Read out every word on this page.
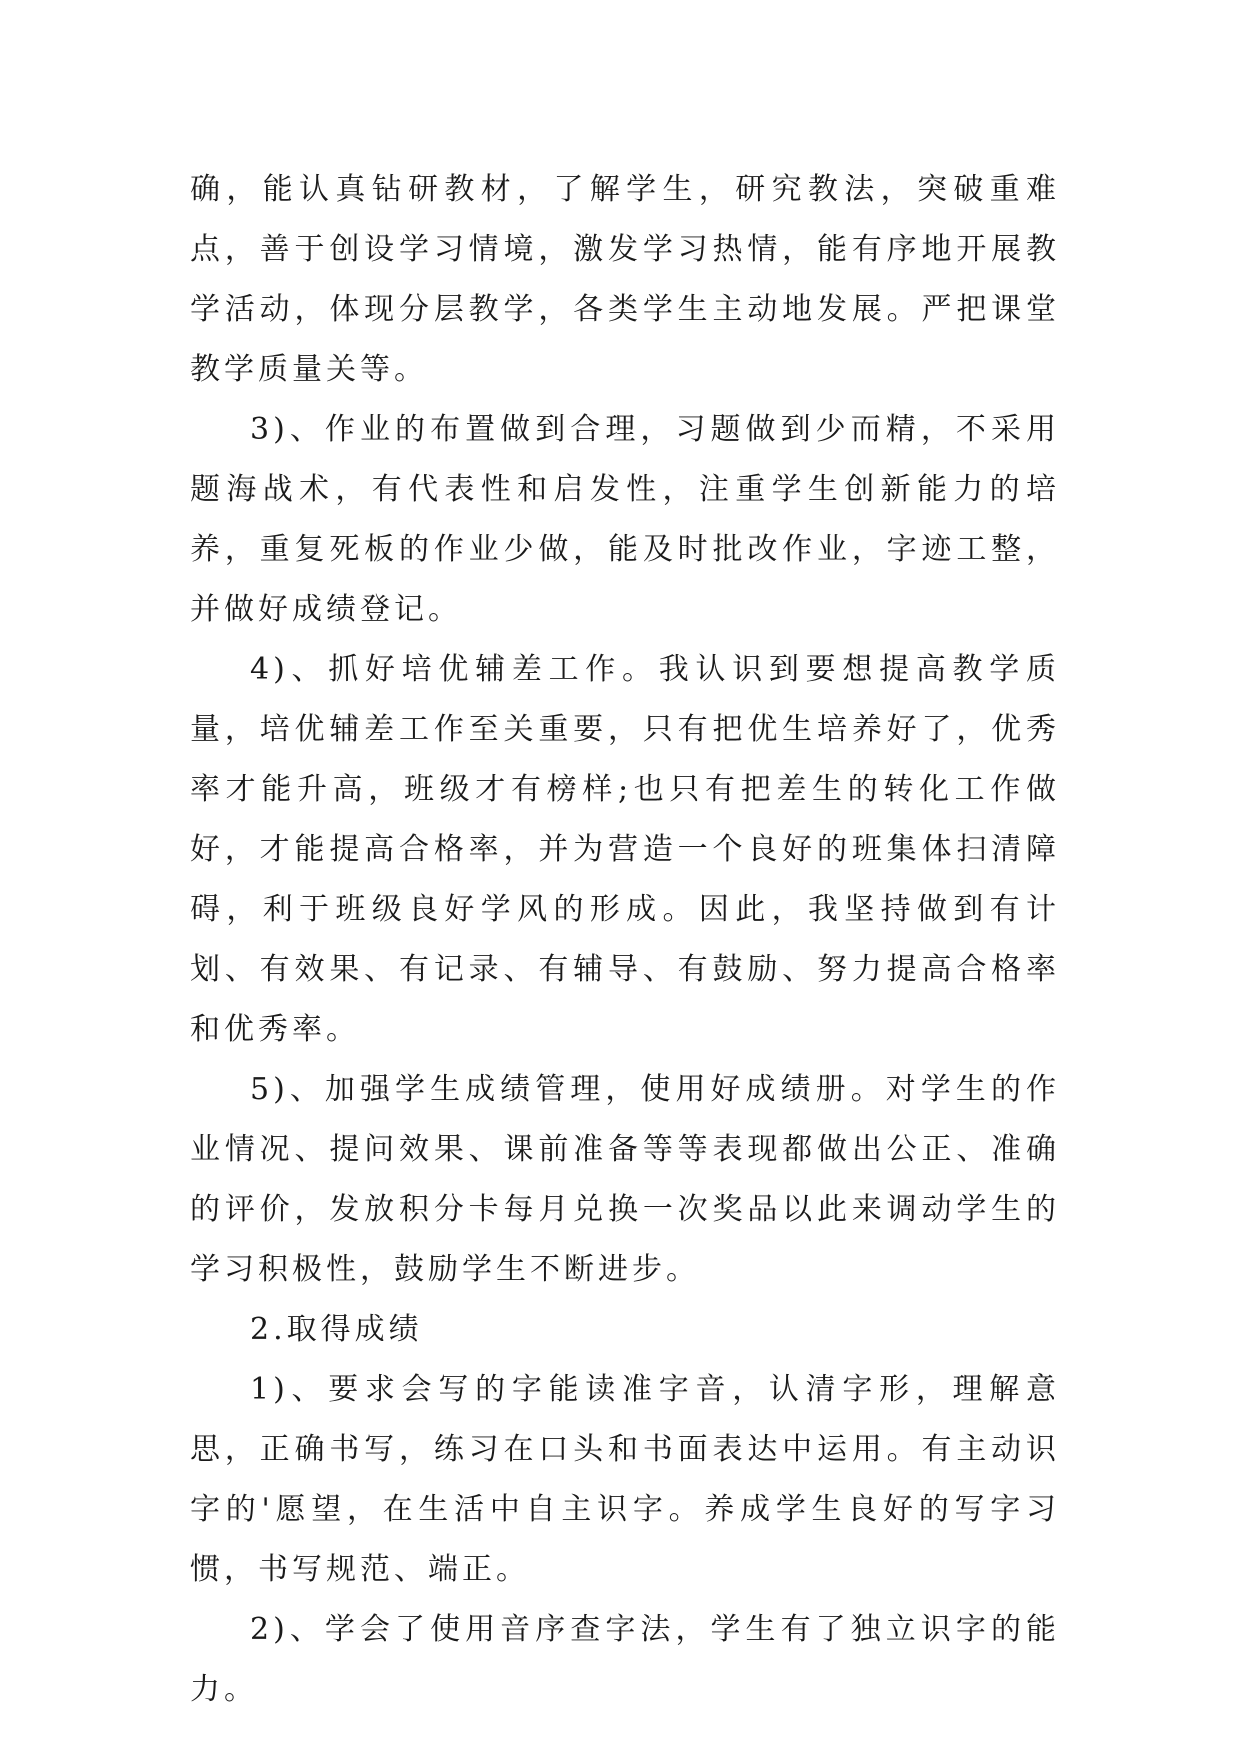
确，能认真钻研教材，了解学生，研究教法，突破重难点，善于创设学习情境，激发学习热情，能有序地开展教学活动，体现分层教学，各类学生主动地发展。严把课堂教学质量关等。

3)、作业的布置做到合理，习题做到少而精，不采用题海战术，有代表性和启发性，注重学生创新能力的培养，重复死板的作业少做，能及时批改作业，字迹工整，并做好成绩登记。

4)、抓好培优辅差工作。我认识到要想提高教学质量，培优辅差工作至关重要，只有把优生培养好了，优秀率才能升高，班级才有榜样;也只有把差生的转化工作做好，才能提高合格率，并为营造一个良好的班集体扫清障碍，利于班级良好学风的形成。因此，我坚持做到有计划、有效果、有记录、有辅导、有鼓励、努力提高合格率和优秀率。

5)、加强学生成绩管理，使用好成绩册。对学生的作业情况、提问效果、课前准备等等表现都做出公正、准确的评价，发放积分卡每月兑换一次奖品以此来调动学生的学习积极性，鼓励学生不断进步。

2.取得成绩

1)、要求会写的字能读准字音，认清字形，理解意思，正确书写，练习在口头和书面表达中运用。有主动识字的'愿望，在生活中自主识字。养成学生良好的写字习惯，书写规范、端正。

2)、学会了使用音序查字法，学生有了独立识字的能力。
